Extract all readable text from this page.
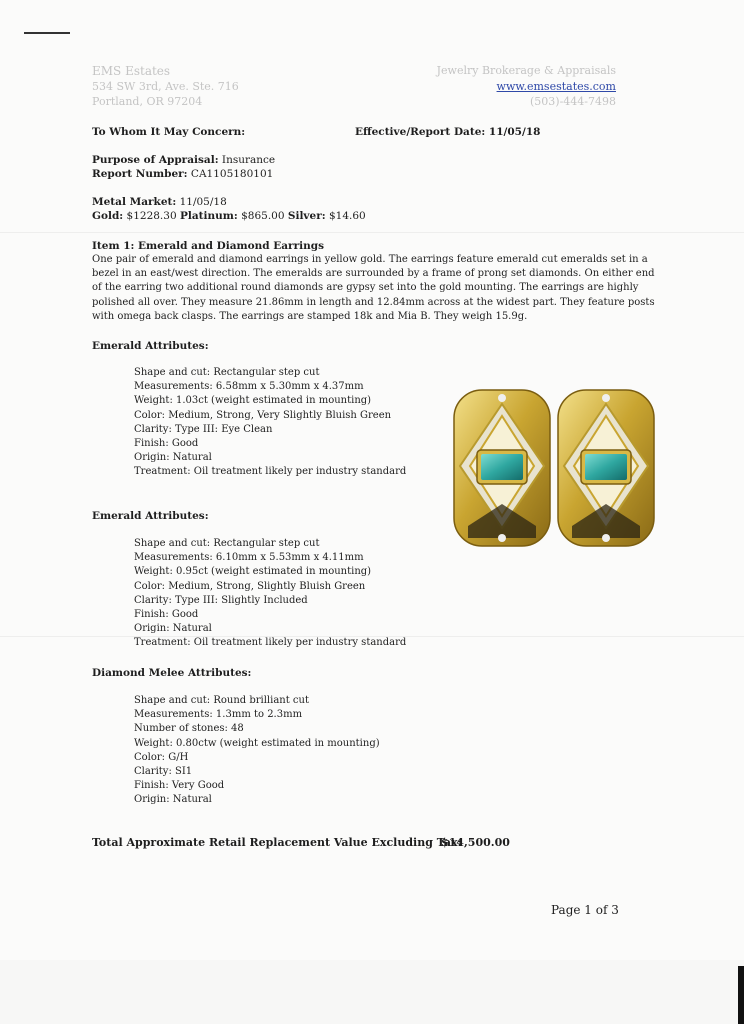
EMS Estates
534 SW 3rd, Ave. Ste. 716
Portland, OR 97204
Jewelry Brokerage & Appraisals
www.emsestates.com
(503)-444-7498
To Whom It May Concern:	Effective/Report Date: 11/05/18
Purpose of Appraisal: Insurance
Report Number: CA1105180101
Metal Market: 11/05/18
Gold: $1228.30 Platinum: $865.00 Silver: $14.60
Item 1: Emerald and Diamond Earrings
One pair of emerald and diamond earrings in yellow gold. The earrings feature emerald cut emeralds set in a bezel in an east/west direction. The emeralds are surrounded by a frame of prong set diamonds. On either end of the earring two additional round diamonds are gypsy set into the gold mounting. The earrings are highly polished all over. They measure 21.86mm in length and 12.84mm across at the widest part. They feature posts with omega back clasps. The earrings are stamped 18k and Mia B. They weigh 15.9g.
Emerald Attributes:
Shape and cut: Rectangular step cut
Measurements: 6.58mm x 5.30mm x 4.37mm
Weight: 1.03ct (weight estimated in mounting)
Color: Medium, Strong, Very Slightly Bluish Green
Clarity: Type III: Eye Clean
Finish: Good
Origin: Natural
Treatment: Oil treatment likely per industry standard
Emerald Attributes:
Shape and cut: Rectangular step cut
Measurements: 6.10mm x 5.53mm x 4.11mm
Weight: 0.95ct (weight estimated in mounting)
Color: Medium, Strong, Slightly Bluish Green
Clarity: Type III: Slightly Included
Finish: Good
Origin: Natural
Treatment: Oil treatment likely per industry standard
Diamond Melee Attributes:
Shape and cut: Round brilliant cut
Measurements: 1.3mm to 2.3mm
Number of stones: 48
Weight: 0.80ctw (weight estimated in mounting)
Color: G/H
Clarity: SI1
Finish: Very Good
Origin: Natural
Total Approximate Retail Replacement Value Excluding Tax:
$14,500.00
Page 1 of 3
